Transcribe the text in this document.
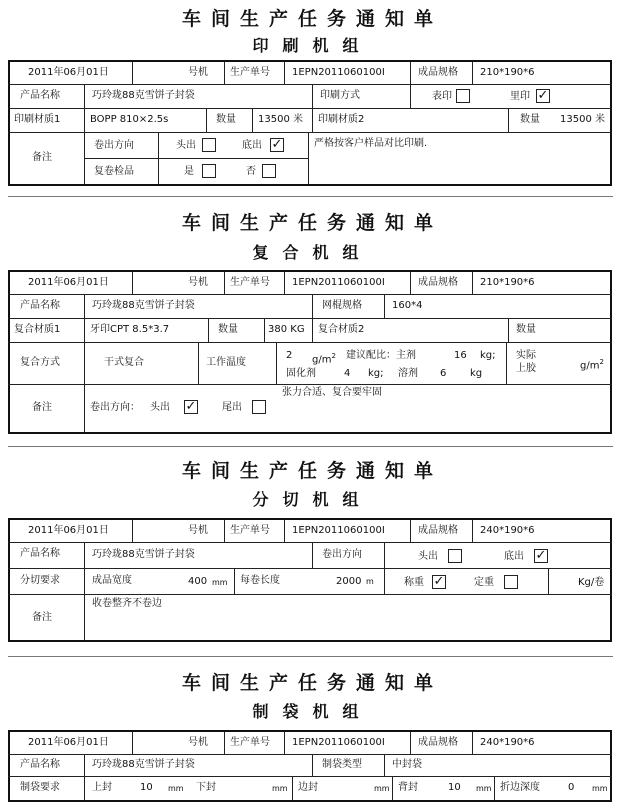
车间生产任务通知单
印刷机组
2011年06月01日	号机 生产单号 1EPN2011060100I	成品规格 210*190*6
产品名称	巧玲珑88克雪饼子封袋	印刷方式	表印	里印 ✓
印刷材质1	BOPP 810×2.5s	数量 13500 米 印刷材质2	数量 13500 米
备注
卷出方向	头出	底出 ✓
复卷检品	是	否
严格按客户样品对比印刷.
车间生产任务通知单
复合机组
2011年06月01日	号机 生产单号 1EPN2011060100I	成品规格 210*190*6
产品名称	巧玲珑88克雪饼子封袋	网棍规格	160*4
复合材质1	牙印CPT 8.5*3.7	数量	380 KG 复合材质2	数量
复合方式	干式复合	工作温度
2 $g/m^2$ 建议配比：主剂	16 kg;
固化剂	4 kg; 溶剂 6 kg
实际
上胶	$g/m^2$
备注	卷出方向： 头出 ✓	尾出
张力合适、复合要牢固
车间生产任务通知单
分切机组
2011年06月01日	号机 生产单号 1EPN2011060100I	成品规格 240*190*6
产品名称	巧玲珑88克雪饼子封袋	卷出方向	头出	底出 ✓
分切要求	成品宽度	400 mm 每卷长度	2000 m	称重 ✓	定重	Kg/卷
备注
收卷整齐不卷边
车间生产任务通知单
制袋机组
2011年06月01日	号机 生产单号 1EPN2011060100I	成品规格 240*190*6
产品名称	巧玲珑88克雪饼子封袋	制袋类型	中封袋
制袋要求	上封	10 mm 下封	mm 边封	mm 背封	10 mm 折边深度	0 mm
